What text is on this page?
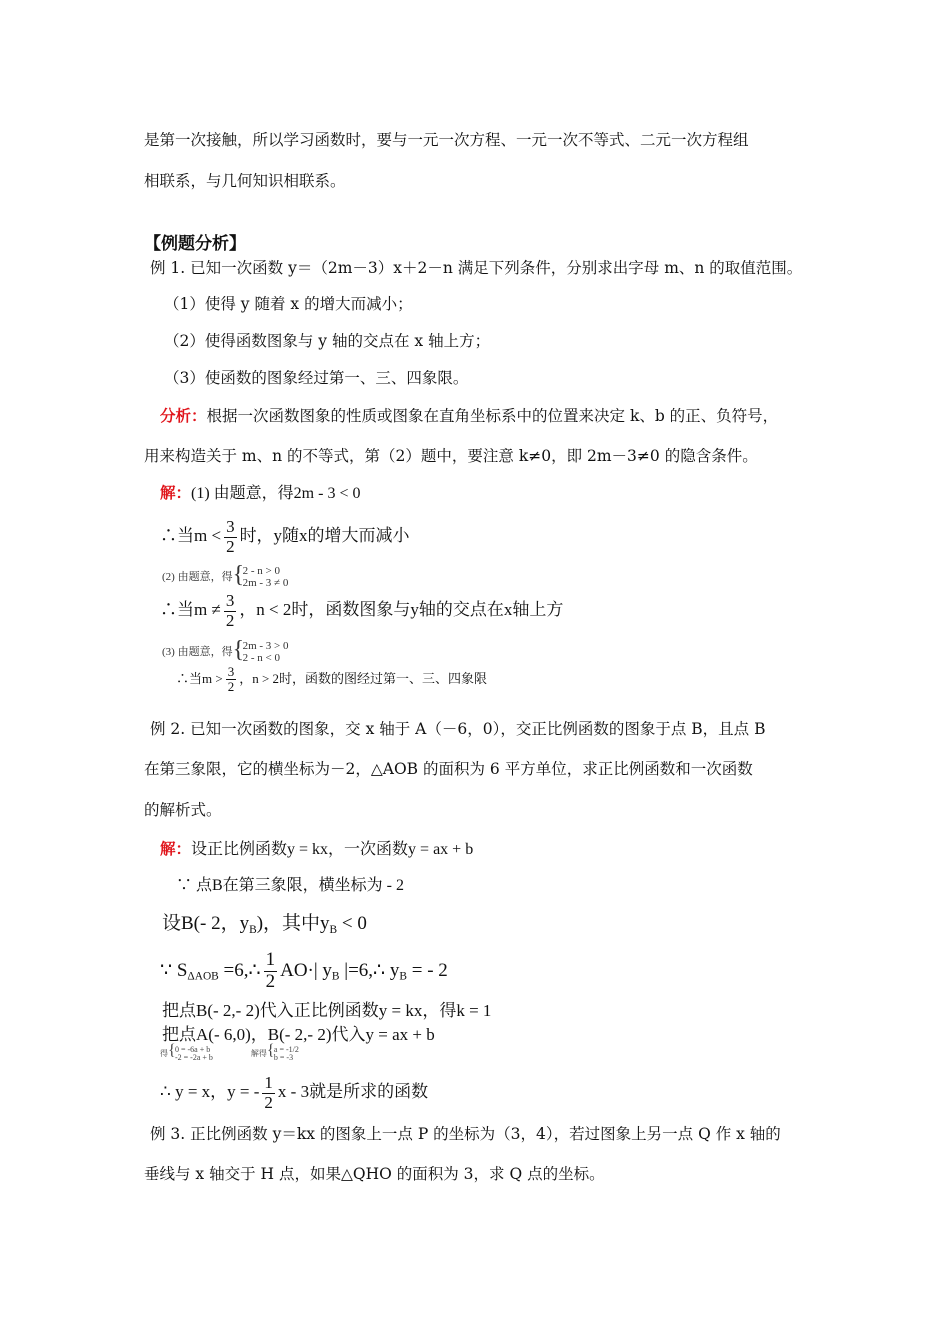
是第一次接触，所以学习函数时，要与一元一次方程、一元一次不等式、二元一次方程组
相联系，与几何知识相联系。
【例题分析】
例 1. 已知一次函数 y＝（2m－3）x＋2－n 满足下列条件，分别求出字母 m、n 的取值范围。
（1）使得 y 随着 x 的增大而减小；
（2）使得函数图象与 y 轴的交点在 x 轴上方；
（3）使函数的图象经过第一、三、四象限。
分析：根据一次函数图象的性质或图象在直角坐标系中的位置来决定 k、b 的正、负符号，
用来构造关于 m、n 的不等式，第（2）题中，要注意 k≠0，即 2m－3≠0 的隐含条件。
解：(1) 由题意，得2m - 3 < 0
∴当$m < \frac{3}{2}$ 时，y随x的增大而减小
(2) 由题意，得 {
2 - n > 0
2m - 3 ≠ 0
∴当$m \ne \frac{3}{2}$ ，n < 2时，函数图象与y轴的交点在x轴上方
(3) 由题意，得 {
2m - 3 > 0
2 - n < 0
∴当$m > \frac{3}{2}$ ，n > 2时，函数的图经过第一、三、四象限
例 2. 已知一次函数的图象，交 x 轴于 A（－6，0），交正比例函数的图象于点 B，且点 B
在第三象限，它的横坐标为－2，△AOB 的面积为 6 平方单位，求正比例函数和一次函数
的解析式。
解：设正比例函数y = kx，一次函数y = ax + b
∵ 点B在第三象限，横坐标为 - 2
设B(- 2，$y_B$)，其中$y_B < 0$
∵ $S_{\Delta AOB}$ =6,∴ $\frac{1}{2} AO\cdot|$ $y_B$ |=6,∴ $y_B$ = - 2
把点B(- 2,- 2)代入正比例函数y = kx，得k = 1
把点A(- 6,0)，B(- 2,- 2)代入y = ax + b
得 { 0 = -6a + b
-2 = -2a + b	解得 { a = -1/2
b = -3
∴ y = x，y = - $\frac{1}{2}$ x - 3就是所求的函数
例 3. 正比例函数 y＝kx 的图象上一点 P 的坐标为（3，4），若过图象上另一点 Q 作 x 轴的
垂线与 x 轴交于 H 点，如果△QHO 的面积为 3，求 Q 点的坐标。
